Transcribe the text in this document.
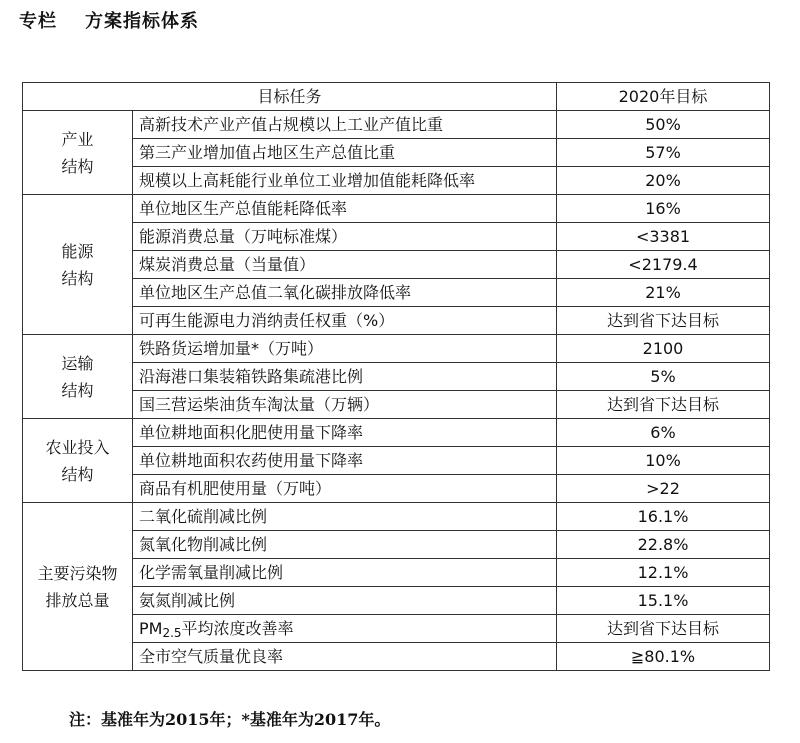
专栏 方案指标体系
目标任务		2020年目标

产业
结构	高新技术产业产值占规模以上工业产值比重	50%
	第三产业增加值占地区生产总值比重	57%
	规模以上高耗能行业单位工业增加值能耗降低率	20%

能源
结构	单位地区生产总值能耗降低率	16%
	能源消费总量（万吨标准煤）	<3381
	煤炭消费总量（当量值）	<2179.4
	单位地区生产总值二氧化碳排放降低率	21%
	可再生能源电力消纳责任权重（%）	达到省下达目标

运输
结构	铁路货运增加量*（万吨）	2100
	沿海港口集装箱铁路集疏港比例	5%
	国三营运柴油货车淘汰量（万辆）	达到省下达目标

农业投入
结构	单位耕地面积化肥使用量下降率	6%
	单位耕地面积农药使用量下降率	10%
	商品有机肥使用量（万吨）	>22

主要污染物
排放总量	二氧化硫削减比例	16.1%
	氮氧化物削减比例	22.8%
	化学需氧量削减比例	12.1%
	氨氮削减比例	15.1%
	$PM_{2.5}$平均浓度改善率	达到省下达目标
	全市空气质量优良率	≧80.1%
注：基准年为2015年；*基准年为2017年。
